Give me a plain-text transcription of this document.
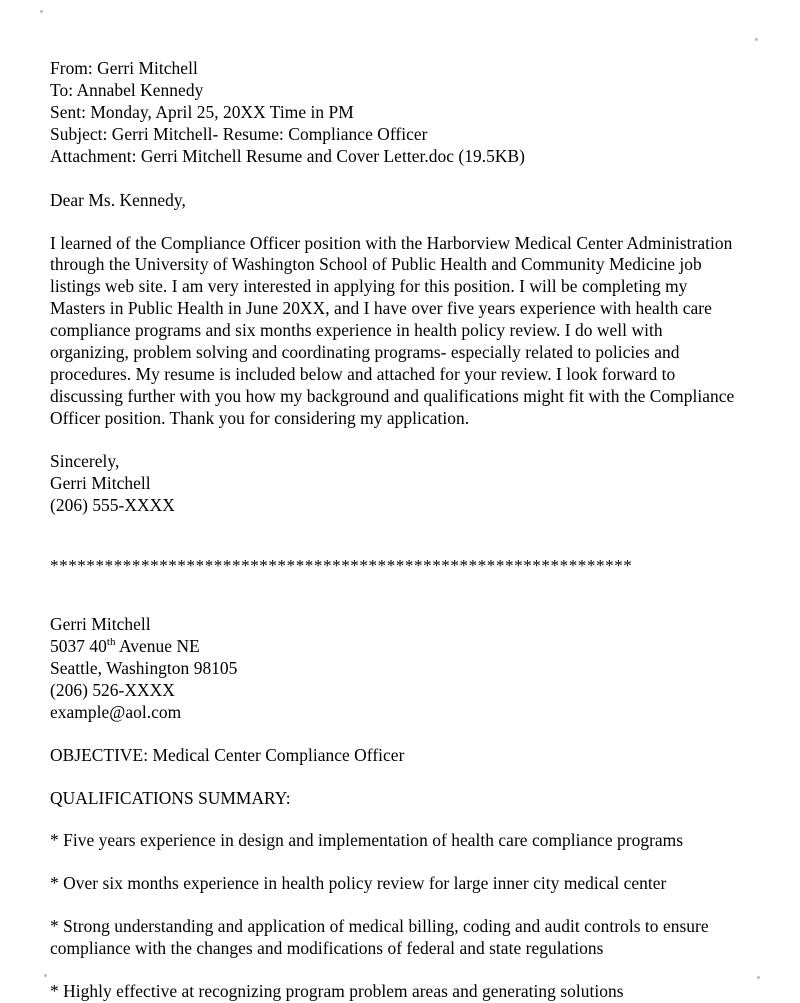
From: Gerri Mitchell

To: Annabel Kennedy

Sent: Monday, April 25, 20XX Time in PM

Subject: Gerri Mitchell- Resume: Compliance Officer

Attachment: Gerri Mitchell Resume and Cover Letter.doc (19.5KB)

Dear Ms. Kennedy,

I learned of the Compliance Officer position with the Harborview Medical Center Administration through the University of Washington School of Public Health and Community Medicine job listings web site. I am very interested in applying for this position. I will be completing my Masters in Public Health in June 20XX, and I have over five years experience with health care compliance programs and six months experience in health policy review. I do well with organizing, problem solving and coordinating programs- especially related to policies and procedures. My resume is included below and attached for your review. I look forward to discussing further with you how my background and qualifications might fit with the Compliance Officer position. Thank you for considering my application.

Sincerely,

Gerri Mitchell

(206) 555-XXXX

****************************************************************

Gerri Mitchell

5037 40th Avenue NE

Seattle, Washington 98105

(206) 526-XXXX

example@aol.com

OBJECTIVE: Medical Center Compliance Officer

QUALIFICATIONS SUMMARY:

* Five years experience in design and implementation of health care compliance programs

* Over six months experience in health policy review for large inner city medical center

* Strong understanding and application of medical billing, coding and audit controls to ensure compliance with the changes and modifications of federal and state regulations

* Highly effective at recognizing program problem areas and generating solutions
